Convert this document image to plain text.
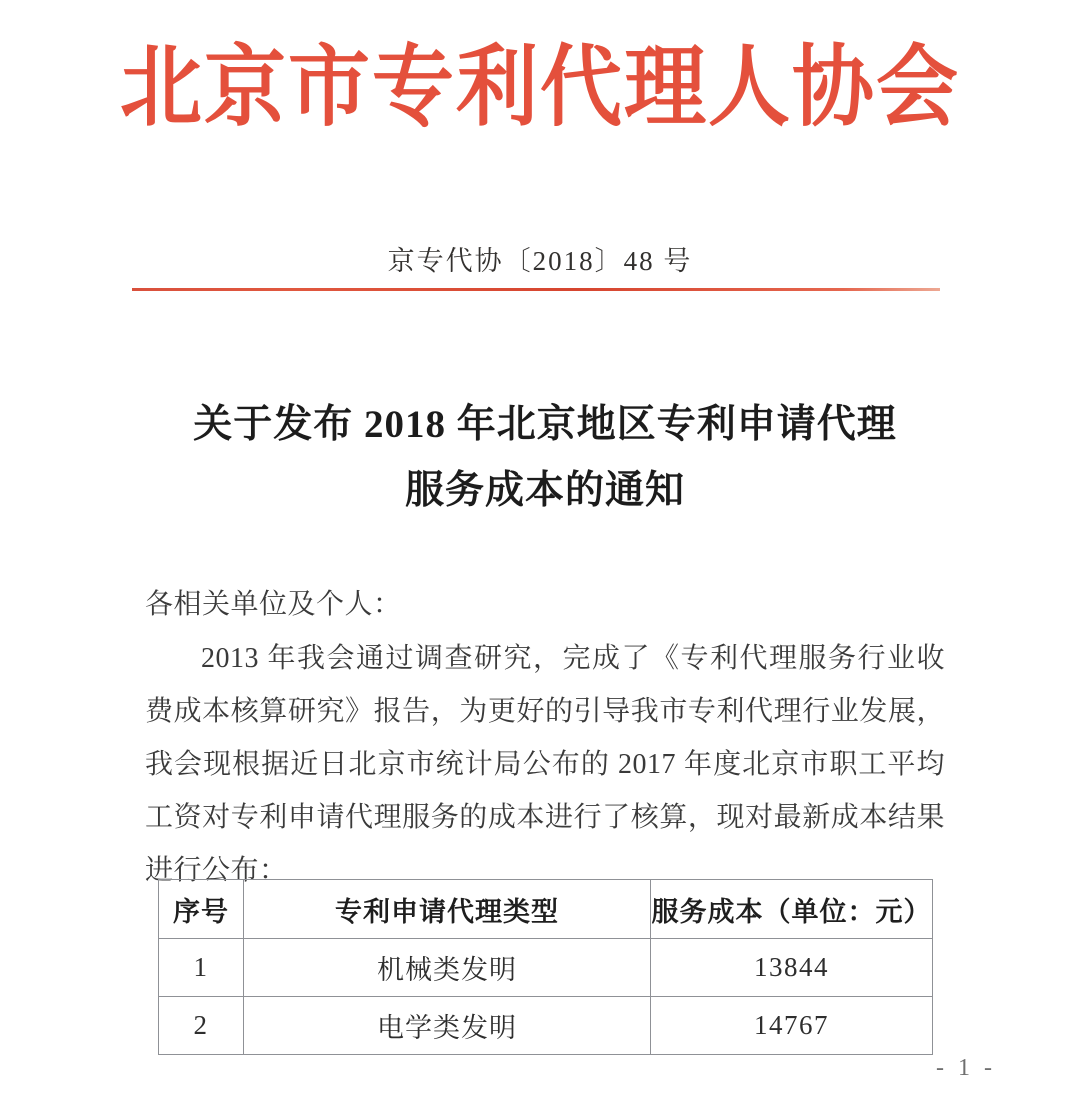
北京市专利代理人协会
京专代协〔2018〕48 号
关于发布 2018 年北京地区专利申请代理
服务成本的通知
各相关单位及个人：
2013 年我会通过调查研究，完成了《专利代理服务行业收费成本核算研究》报告，为更好的引导我市专利代理行业发展，我会现根据近日北京市统计局公布的 2017 年度北京市职工平均工资对专利申请代理服务的成本进行了核算，现对最新成本结果进行公布：
序号	专利申请代理类型	服务成本（单位：元）
1	机械类发明	13844
2	电学类发明	14767
- 1 -
